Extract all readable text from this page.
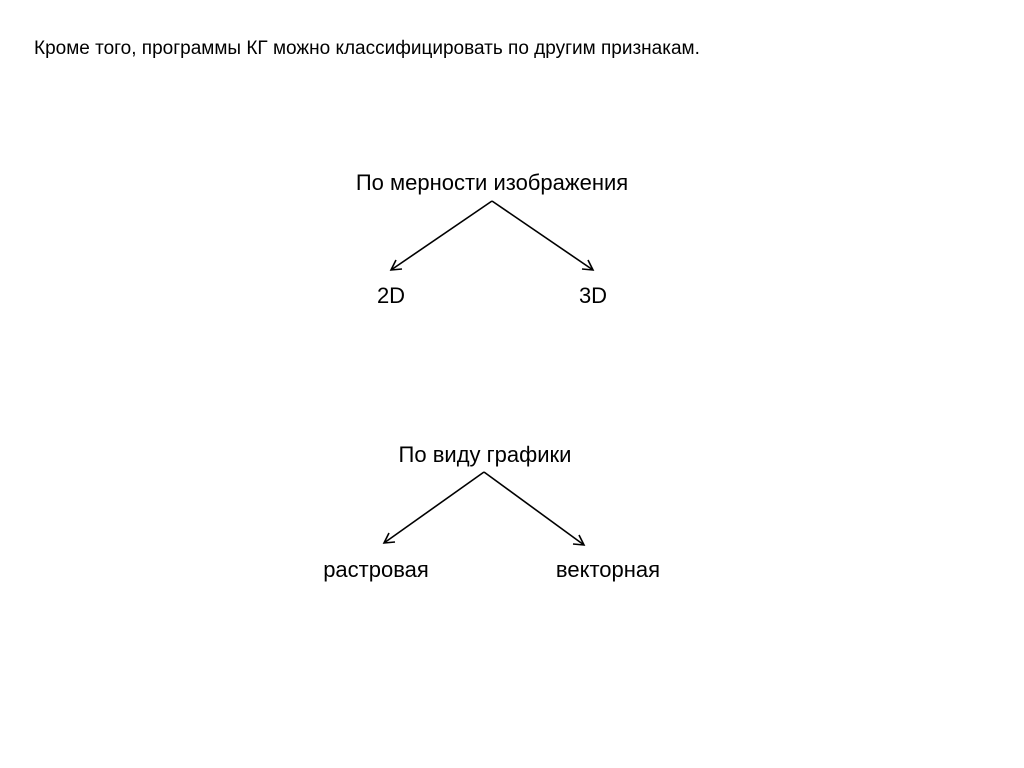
Кроме того, программы КГ можно классифицировать по другим признакам.
По мерности изображения
2D	3D
По виду графики
растровая	векторная
